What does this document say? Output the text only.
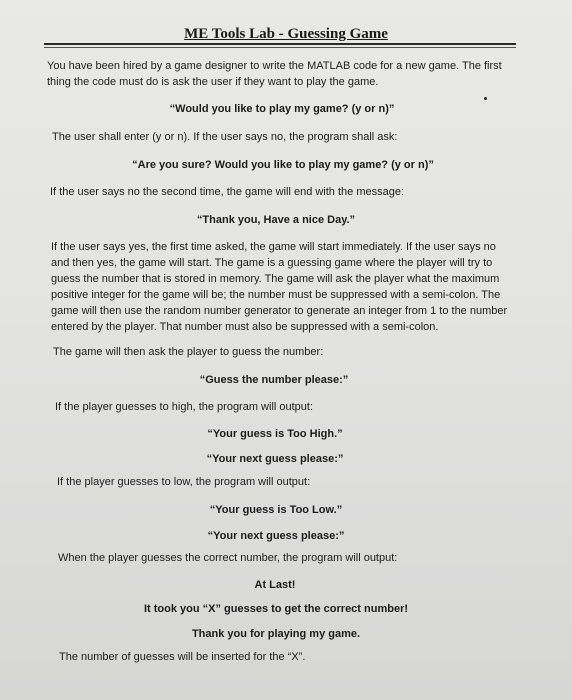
ME Tools Lab - Guessing Game

You have been hired by a game designer to write the MATLAB code for a new game. The first

thing the code must do is ask the user if they want to play the game.

“Would you like to play my game? (y or n)”

The user shall enter (y or n). If the user says no, the program shall ask:

“Are you sure? Would you like to play my game? (y or n)”

If the user says no the second time, the game will end with the message:

“Thank you, Have a nice Day.”

If the user says yes, the first time asked, the game will start immediately. If the user says no

and then yes, the game will start. The game is a guessing game where the player will try to

guess the number that is stored in memory. The game will ask the player what the maximum

positive integer for the game will be; the number must be suppressed with a semi-colon. The

game will then use the random number generator to generate an integer from 1 to the number

entered by the player. That number must also be suppressed with a semi-colon.

The game will then ask the player to guess the number:

“Guess the number please:”

If the player guesses to high, the program will output:

“Your guess is Too High.”

“Your next guess please:”

If the player guesses to low, the program will output:

“Your guess is Too Low.”

“Your next guess please:”

When the player guesses the correct number, the program will output:

At Last!

It took you “X” guesses to get the correct number!

Thank you for playing my game.

The number of guesses will be inserted for the “X”.
